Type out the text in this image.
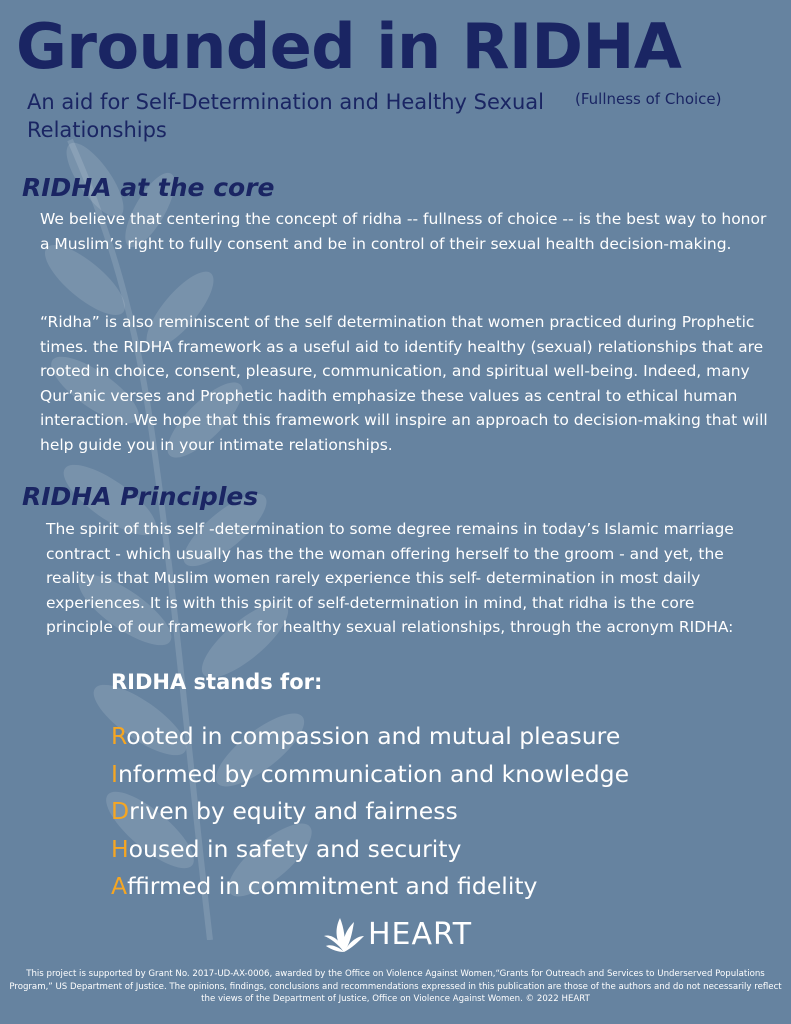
Grounded in RIDHA

An aid for Self-Determination and Healthy Sexual Relationships

(Fullness of Choice)

RIDHA at the core

We believe that centering the concept of ridha -- fullness of choice -- is the best way to honor a Muslim’s right to fully consent and be in control of their sexual health decision-making.

“Ridha” is also reminiscent of the self determination that women practiced during Prophetic times. the RIDHA framework as a useful aid to identify healthy (sexual) relationships that are rooted in choice, consent, pleasure, communication, and spiritual well-being. Indeed, many Qur’anic verses and Prophetic hadith emphasize these values as central to ethical human interaction. We hope that this framework will inspire an approach to decision-making that will help guide you in your intimate relationships.

RIDHA Principles

The spirit of this self -determination to some degree remains in today’s Islamic marriage contract - which usually has the the woman offering herself to the groom - and yet, the reality is that Muslim women rarely experience this self- determination in most daily experiences. It is with this spirit of self-determination in mind, that ridha is the core principle of our framework for healthy sexual relationships, through the acronym RIDHA:

RIDHA stands for:
Rooted in compassion and mutual pleasure
Informed by communication and knowledge
Driven by equity and fairness
Housed in safety and security
Affirmed in commitment and fidelity
HEART

This project is supported by Grant No. 2017-UD-AX-0006, awarded by the Office on Violence Against Women,“Grants for Outreach and Services to Underserved Populations Program,” US Department of Justice. The opinions, findings, conclusions and recommendations expressed in this publication are those of the authors and do not necessarily reflect the views of the Department of Justice, Office on Violence Against Women. © 2022 HEART
